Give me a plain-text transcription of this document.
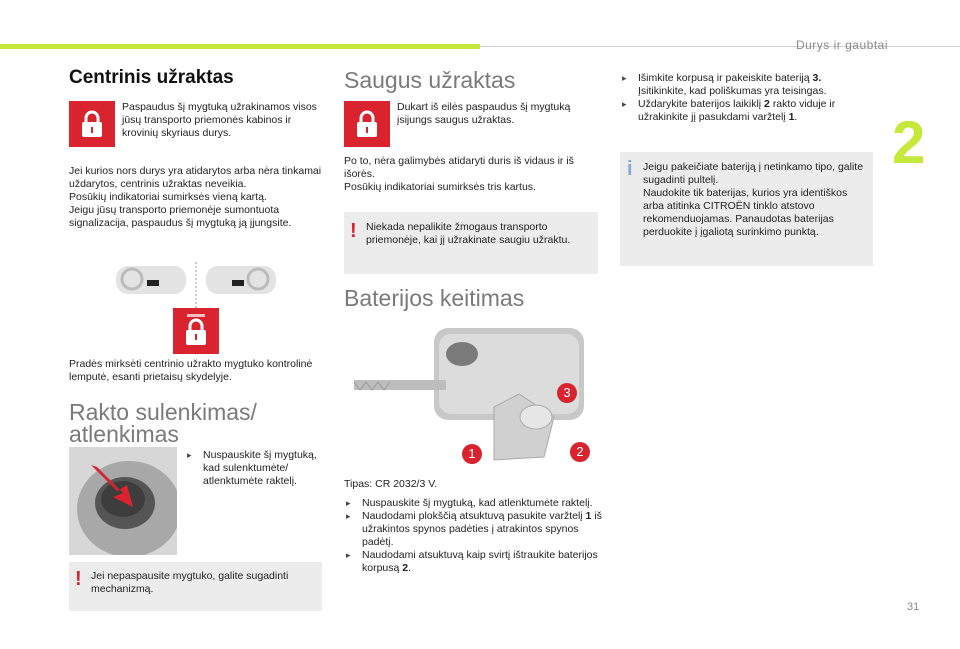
Durys ir gaubtai
2
Centrinis užraktas
Paspaudus šį mygtuką užrakinamos visos jūsų transporto priemonės kabinos ir krovinių skyriaus durys.
Jei kurios nors durys yra atidarytos arba nėra tinkamai uždarytos, centrinis užraktas neveikia.
Posūkių indikatoriai sumirksės vieną kartą.
Jeigu jūsų transporto priemonėje sumontuota signalizacija, paspaudus šį mygtuką ją įjungsite.
Pradės mirksėti centrinio užrakto mygtuko kontrolinė lemputė, esanti prietaisų skydelyje.
Rakto sulenkimas/ atlenkimas
▸ Nuspauskite šį mygtuką, kad sulenktumėte/ atlenktumėte raktelį.
! Jei nepaspausite mygtuko, galite sugadinti mechanizmą.
Saugus užraktas
Dukart iš eilės paspaudus šį mygtuką įsijungs saugus užraktas.
Po to, nėra galimybės atidaryti duris iš vidaus ir iš išorės.
Posūkių indikatoriai sumirksės tris kartus.
! Niekada nepalikite žmogaus transporto priemonėje, kai jį užrakinate saugiu užraktu.
Baterijos keitimas
3
1	2
Tipas: CR 2032/3 V.
▸ Nuspauskite šį mygtuką, kad atlenktumėte raktelį.
▸ Naudodami plokščią atsuktuvą pasukite varžtelį 1 iš užrakintos spynos padėties į atrakintos spynos padėtį.
▸ Naudodami atsuktuvą kaip svirtį ištraukite baterijos korpusą 2.
▸ Išimkite korpusą ir pakeiskite bateriją 3.
Įsitikinkite, kad poliškumas yra teisingas.
▸ Uždarykite baterijos laikiklį 2 rakto viduje ir užrakinkite jį pasukdami varžtelį 1.
i Jeigu pakeičiate bateriją į netinkamo tipo, galite sugadinti pultelį.
Naudokite tik baterijas, kurios yra identiškos arba atitinka CITROËN tinklo atstovo rekomenduojamas. Panaudotas baterijas perduokite į įgaliotą surinkimo punktą.
31
